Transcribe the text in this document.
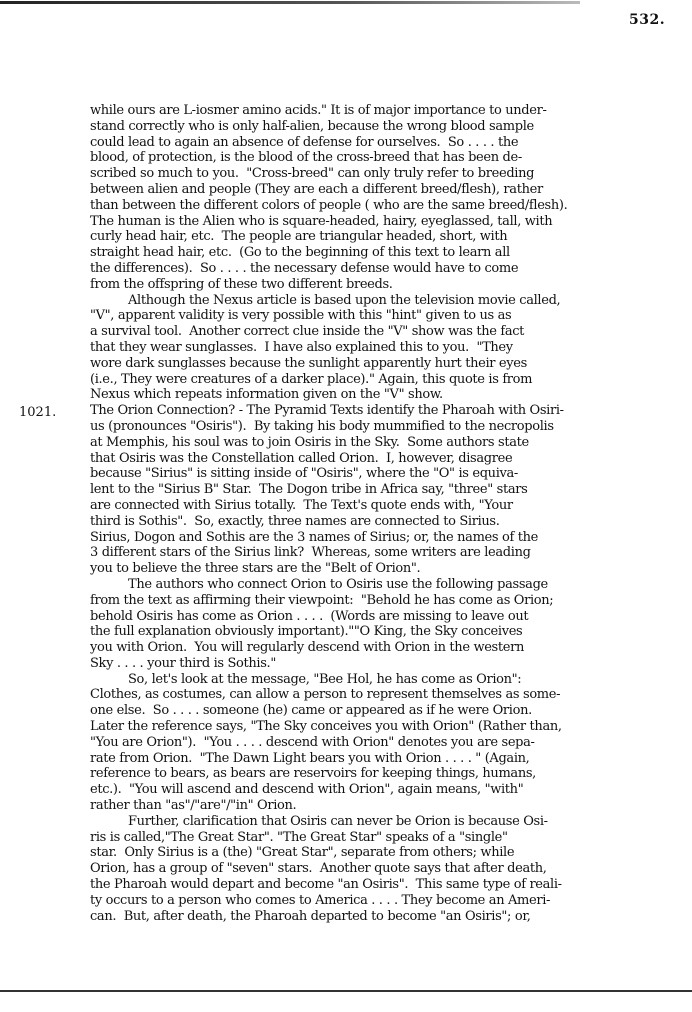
532.
1021.
while ours are L-iosmer amino acids." It is of major importance to under-
stand correctly who is only half-alien, because the wrong blood sample
could lead to again an absence of defense for ourselves.  So . . . . the
blood, of protection, is the blood of the cross-breed that has been de-
scribed so much to you.  "Cross-breed" can only truly refer to breeding
between alien and people (They are each a different breed/flesh), rather
than between the different colors of people ( who are the same breed/flesh).
The human is the Alien who is square-headed, hairy, eyeglassed, tall, with
curly head hair, etc.  The people are triangular headed, short, with
straight head hair, etc.  (Go to the beginning of this text to learn all
the differences).  So . . . . the necessary defense would have to come
from the offspring of these two different breeds.
Although the Nexus article is based upon the television movie called,
"V", apparent validity is very possible with this "hint" given to us as
a survival tool.  Another correct clue inside the "V" show was the fact
that they wear sunglasses.  I have also explained this to you.  "They
wore dark sunglasses because the sunlight apparently hurt their eyes
(i.e., They were creatures of a darker place)." Again, this quote is from
Nexus which repeats information given on the "V" show.
The Orion Connection? - The Pyramid Texts identify the Pharoah with Osiri-
us (pronounces "Osiris").  By taking his body mummified to the necropolis
at Memphis, his soul was to join Osiris in the Sky.  Some authors state
that Osiris was the Constellation called Orion.  I, however, disagree
because "Sirius" is sitting inside of "Osiris", where the "O" is equiva-
lent to the "Sirius B" Star.  The Dogon tribe in Africa say, "three" stars
are connected with Sirius totally.  The Text's quote ends with, "Your
third is Sothis".  So, exactly, three names are connected to Sirius.
Sirius, Dogon and Sothis are the 3 names of Sirius; or, the names of the
3 different stars of the Sirius link?  Whereas, some writers are leading
you to believe the three stars are the "Belt of Orion".
The authors who connect Orion to Osiris use the following passage
from the text as affirming their viewpoint:  "Behold he has come as Orion;
behold Osiris has come as Orion . . . .  (Words are missing to leave out
the full explanation obviously important).""O King, the Sky conceives
you with Orion.  You will regularly descend with Orion in the western
Sky . . . . your third is Sothis."
So, let's look at the message, "Bee Hol, he has come as Orion":
Clothes, as costumes, can allow a person to represent themselves as some-
one else.  So . . . . someone (he) came or appeared as if he were Orion.
Later the reference says, "The Sky conceives you with Orion" (Rather than,
"You are Orion").  "You . . . . descend with Orion" denotes you are sepa-
rate from Orion.  "The Dawn Light bears you with Orion . . . . " (Again,
reference to bears, as bears are reservoirs for keeping things, humans,
etc.).  "You will ascend and descend with Orion", again means, "with"
rather than "as"/"are"/"in" Orion.
Further, clarification that Osiris can never be Orion is because Osi-
ris is called,"The Great Star". "The Great Star" speaks of a "single"
star.  Only Sirius is a (the) "Great Star", separate from others; while
Orion, has a group of "seven" stars.  Another quote says that after death,
the Pharoah would depart and become "an Osiris".  This same type of reali-
ty occurs to a person who comes to America . . . . They become an Ameri-
can.  But, after death, the Pharoah departed to become "an Osiris"; or,
